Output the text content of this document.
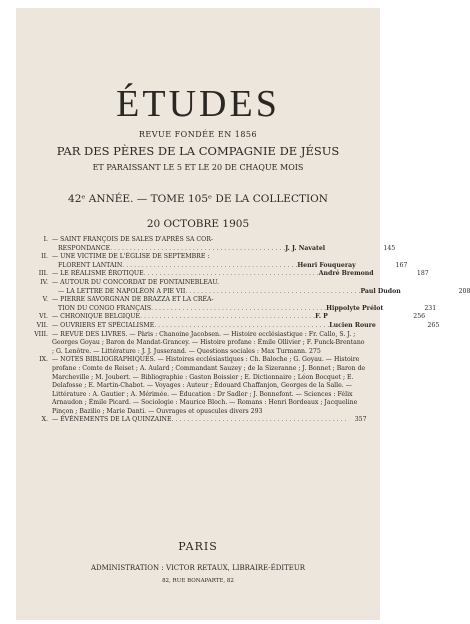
ÉTUDES
REVUE FONDÉE EN 1856
PAR DES PÈRES DE LA COMPAGNIE DE JÉSUS
ET PARAISSANT LE 5 ET LE 20 DE CHAQUE MOIS
42ᵉ ANNÉE. — TOME 105ᵉ DE LA COLLECTION
20 OCTOBRE 1905
I. — SAINT FRANÇOIS DE SALES D'APRÈS SA COR-
RESPONDANCE . . .	J. J. Navatel	145
II. — UNE VICTIME DE L'ÉGLISE DE SEPTEMBRE :
FLORENT LANTAIN . . .	Henri Fouqueray	167
III. — LE RÉALISME ÉROTIQUE . . .	André Bremond	187
IV. — AUTOUR DU CONCORDAT DE FONTAINEBLEAU.
— LA LETTRE DE NAPOLÉON A PIE VII . . .	Paul Dudon	208
V. — PIERRE SAVORGNAN DE BRAZZA ET LA CRÉA-
TION DU CONGO FRANÇAIS . . .	Hippolyte Prélot	231
VI. — CHRONIQUE BELGIQUE . . .	F. P	256
VII. — OUVRIERS ET SPÉCIALISME . . .	Lucien Roure	265
VIII. — REVUE DES LIVRES. — Pàris : Chanoine Jacobsen. — Histoire ecclésiastique : Fr. Callo, S. J. ; Georges Goyau ; Baron de Mandat-Grancey. — Histoire profane : Émile Ollivier ; F. Funck-Brentano ; G. Lenôtre. — Littérature : J. J. Jusserand. — Questions sociales : Max Turmann. 275
IX. — NOTES BIBLIOGRAPHIQUES. — Histoires ecclésiastiques : Ch. Baloche ; G. Goyau. — Histoire profane : Comte de Reiset ; A. Aulard ; Commandant Sauzey ; de la Sizeranne ; J. Bonnet ; Baron de Marcheville ; M. Joubert. — Bibliographie : Gaston Boissier ; E. Dictionnaire ; Léon Bocquet ; E. Delafosse ; E. Martin-Chabot. — Voyages : Auteur ; Édouard Chaffanjon, Georges de la Salle. — Littérature : A. Gautier ; A. Mérimée. — Éducation : Dr Sadler ; J. Bonnefont. — Sciences : Félix Arnaudon ; Émile Picard. — Sociologie : Maurice Bloch. — Romans : Henri Bordeaux ; Jacqueline Pinçon ; Bazilio ; Marie Danti. — Ouvrages et opuscules divers 293
X. — ÉVÉNEMENTS DE LA QUINZAINE . . .	357
PARIS
ADMINISTRATION : VICTOR RETAUX, LIBRAIRE-ÉDITEUR
82, RUE BONAPARTE, 82
